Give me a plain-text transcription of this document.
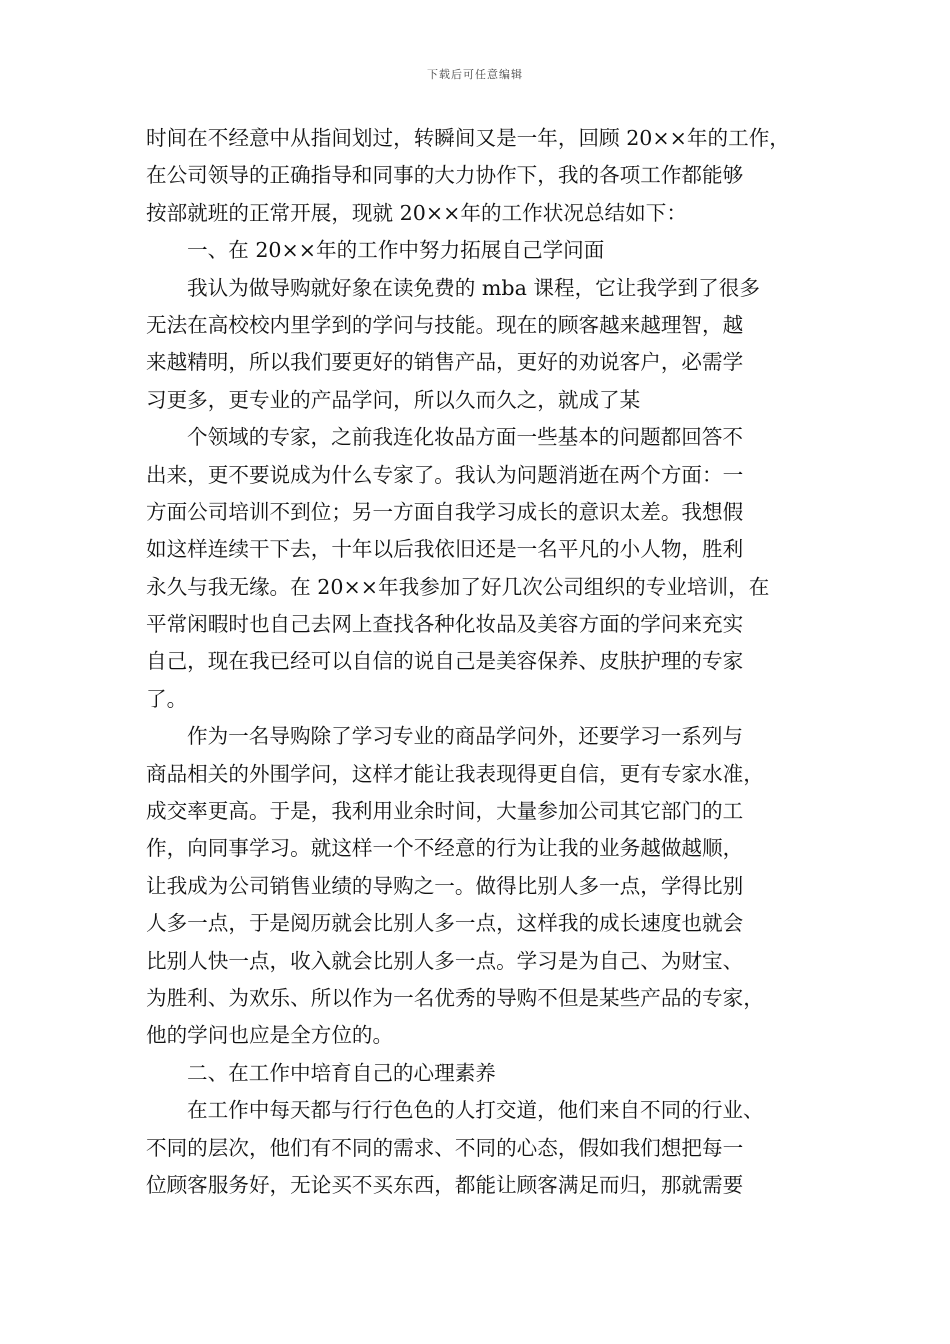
下载后可任意编辑
时间在不经意中从指间划过，转瞬间又是一年，回顾 20××年的工作，
在公司领导的正确指导和同事的大力协作下，我的各项工作都能够
按部就班的正常开展，现就 20××年的工作状况总结如下：
一、在 20××年的工作中努力拓展自己学问面
我认为做导购就好象在读免费的 mba 课程，它让我学到了很多
无法在高校校内里学到的学问与技能。现在的顾客越来越理智，越
来越精明，所以我们要更好的销售产品，更好的劝说客户，必需学
习更多，更专业的产品学问，所以久而久之，就成了某
个领域的专家，之前我连化妆品方面一些基本的问题都回答不
出来，更不要说成为什么专家了。我认为问题消逝在两个方面：一
方面公司培训不到位；另一方面自我学习成长的意识太差。我想假
如这样连续干下去，十年以后我依旧还是一名平凡的小人物，胜利
永久与我无缘。在 20××年我参加了好几次公司组织的专业培训，在
平常闲暇时也自己去网上查找各种化妆品及美容方面的学问来充实
自己，现在我已经可以自信的说自己是美容保养、皮肤护理的专家
了。
作为一名导购除了学习专业的商品学问外，还要学习一系列与
商品相关的外围学问，这样才能让我表现得更自信，更有专家水准，
成交率更高。于是，我利用业余时间，大量参加公司其它部门的工
作，向同事学习。就这样一个不经意的行为让我的业务越做越顺，
让我成为公司销售业绩的导购之一。做得比别人多一点，学得比别
人多一点，于是阅历就会比别人多一点，这样我的成长速度也就会
比别人快一点，收入就会比别人多一点。学习是为自己、为财宝、
为胜利、为欢乐、所以作为一名优秀的导购不但是某些产品的专家，
他的学问也应是全方位的。
二、在工作中培育自己的心理素养
在工作中每天都与行行色色的人打交道，他们来自不同的行业、
不同的层次，他们有不同的需求、不同的心态，假如我们想把每一
位顾客服务好，无论买不买东西，都能让顾客满足而归，那就需要
